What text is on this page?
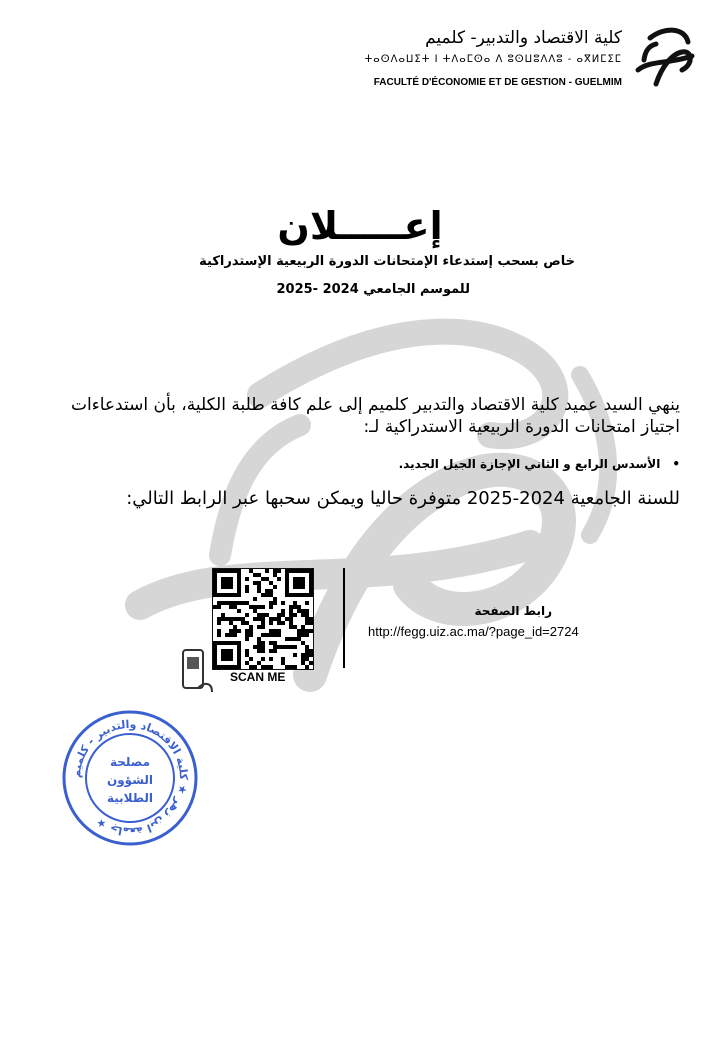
كلية الاقتصاد والتدبير- كلميم
ⵜⴰⵙⴷⴰⵡⵉⵜ ⵏ ⵜⴷⴰⵎⵙⴰ ⴷ ⵓⵙⵡⵓⴷⴷⵓ - ⴰⴳⵍⵎⵉⵎ
FACULTÉ D'ÉCONOMIE ET DE GESTION - GUELMIM
إعـــــلان
خاص بسحب إستدعاء الإمتحانات الدورة الربيعية الإستدراكية
للموسم الجامعي 2024 -2025
ينهي السيد عميد كلية الاقتصاد والتدبير كلميم إلى علم كافة طلبة الكلية، بأن استدعاءات اجتياز امتحانات الدورة الربيعية الاستدراكية لـ:
•الأسدس الرابع و الثاني الإجازة الجيل الجديد.
للسنة الجامعية 2024-2025 متوفرة حاليا ويمكن سحبها عبر الرابط التالي:
SCAN ME
رابط الصفحة
http://fegg.uiz.ac.ma/?page_id=2724
جامعة ابن زهر ★ كلية الاقتصاد والتدبير - كلميم ★
مصلحة
الشؤون
الطلابية
